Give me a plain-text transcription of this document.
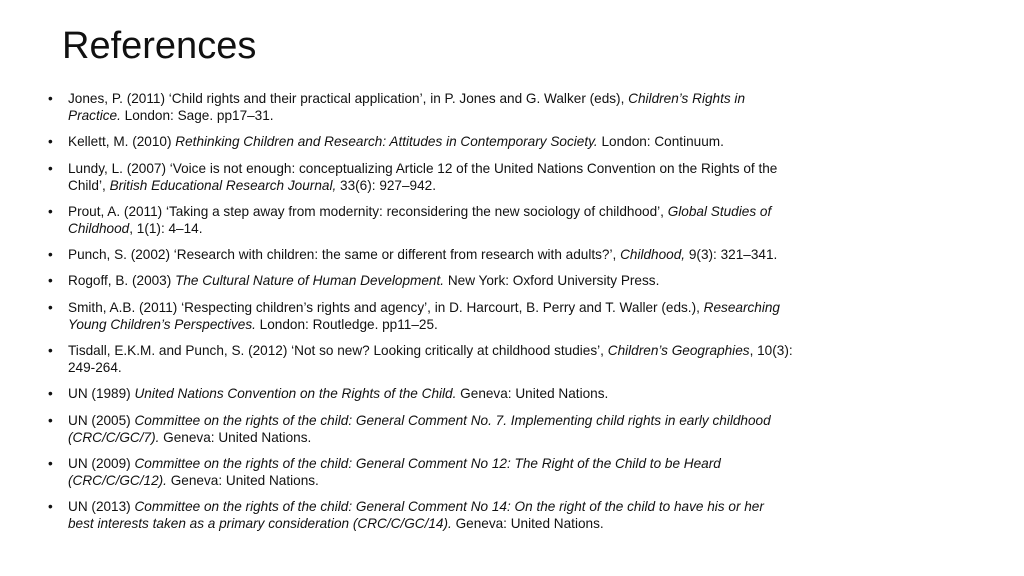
References
•	Jones, P. (2011) ‘Child rights and their practical application’, in P. Jones and G. Walker (eds), Children’s Rights in Practice. London: Sage. pp17–31.
•	Kellett, M. (2010) Rethinking Children and Research: Attitudes in Contemporary Society. London: Continuum.
•	Lundy, L. (2007) ‘Voice is not enough: conceptualizing Article 12 of the United Nations Convention on the Rights of the Child’, British Educational Research Journal, 33(6): 927–942.
•	Prout, A. (2011) ‘Taking a step away from modernity: reconsidering the new sociology of childhood’, Global Studies of Childhood, 1(1): 4–14.
•	Punch, S. (2002) ‘Research with children: the same or different from research with adults?’, Childhood, 9(3): 321–341.
•	Rogoff, B. (2003) The Cultural Nature of Human Development. New York: Oxford University Press.
•	Smith, A.B. (2011) ‘Respecting children’s rights and agency’, in D. Harcourt, B. Perry and T. Waller (eds.), Researching Young Children’s Perspectives. London: Routledge. pp11–25.
•	Tisdall, E.K.M. and Punch, S. (2012) ‘Not so new? Looking critically at childhood studies’, Children’s Geographies, 10(3): 249-264.
•	UN (1989) United Nations Convention on the Rights of the Child. Geneva: United Nations.
•	UN (2005) Committee on the rights of the child: General Comment No. 7. Implementing child rights in early childhood (CRC/C/GC/7). Geneva: United Nations.
•	UN (2009) Committee on the rights of the child: General Comment No 12: The Right of the Child to be Heard (CRC/C/GC/12). Geneva: United Nations.
•	UN (2013) Committee on the rights of the child: General Comment No 14: On the right of the child to have his or her best interests taken as a primary consideration (CRC/C/GC/14). Geneva: United Nations.
